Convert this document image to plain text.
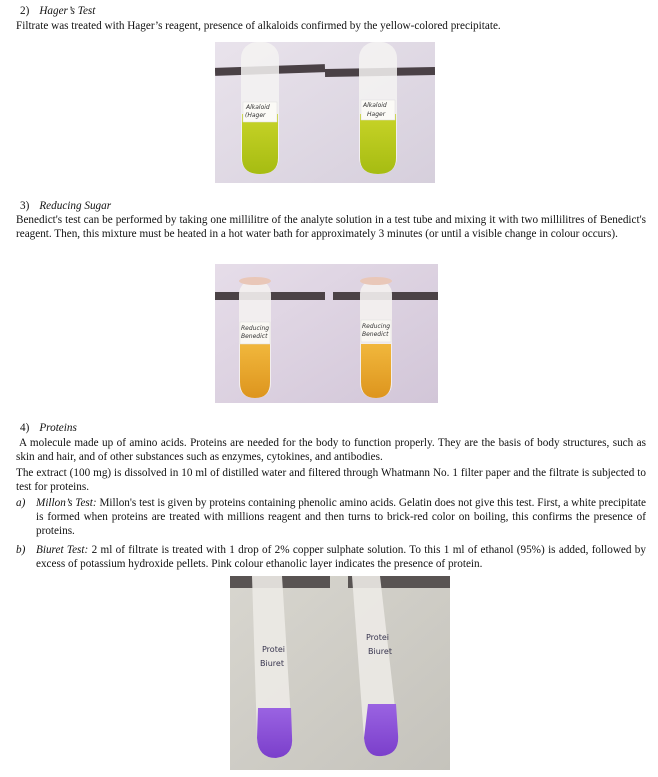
2) Hager’s Test
Filtrate was treated with Hager’s reagent, presence of alkaloids confirmed by the yellow-colored precipitate.
Alkaloid
(Hager
Alkaloid
Hager
3) Reducing Sugar
Benedict's test can be performed by taking one millilitre of the analyte solution in a test tube and mixing it with two millilitres of Benedict's reagent. Then, this mixture must be heated in a hot water bath for approximately 3 minutes (or until a visible change in colour occurs).
Reducing
Benedict
Reducing
Benedict
4) Proteins
A molecule made up of amino acids. Proteins are needed for the body to function properly. They are the basis of body structures, such as skin and hair, and of other substances such as enzymes, cytokines, and antibodies.
The extract (100 mg) is dissolved in 10 ml of distilled water and filtered through Whatmann No. 1 filter paper and the filtrate is subjected to test for proteins.
a) Millon’s Test: Millon's test is given by proteins containing phenolic amino acids. Gelatin does not give this test. First, a white precipitate is formed when proteins are treated with millions reagent and then turns to brick-red color on boiling, this confirms the presence of proteins.
b) Biuret Test: 2 ml of filtrate is treated with 1 drop of 2% copper sulphate solution. To this 1 ml of ethanol (95%) is added, followed by excess of potassium hydroxide pellets. Pink colour ethanolic layer indicates the presence of protein.
Protei
Biuret
Protei
Biuret
